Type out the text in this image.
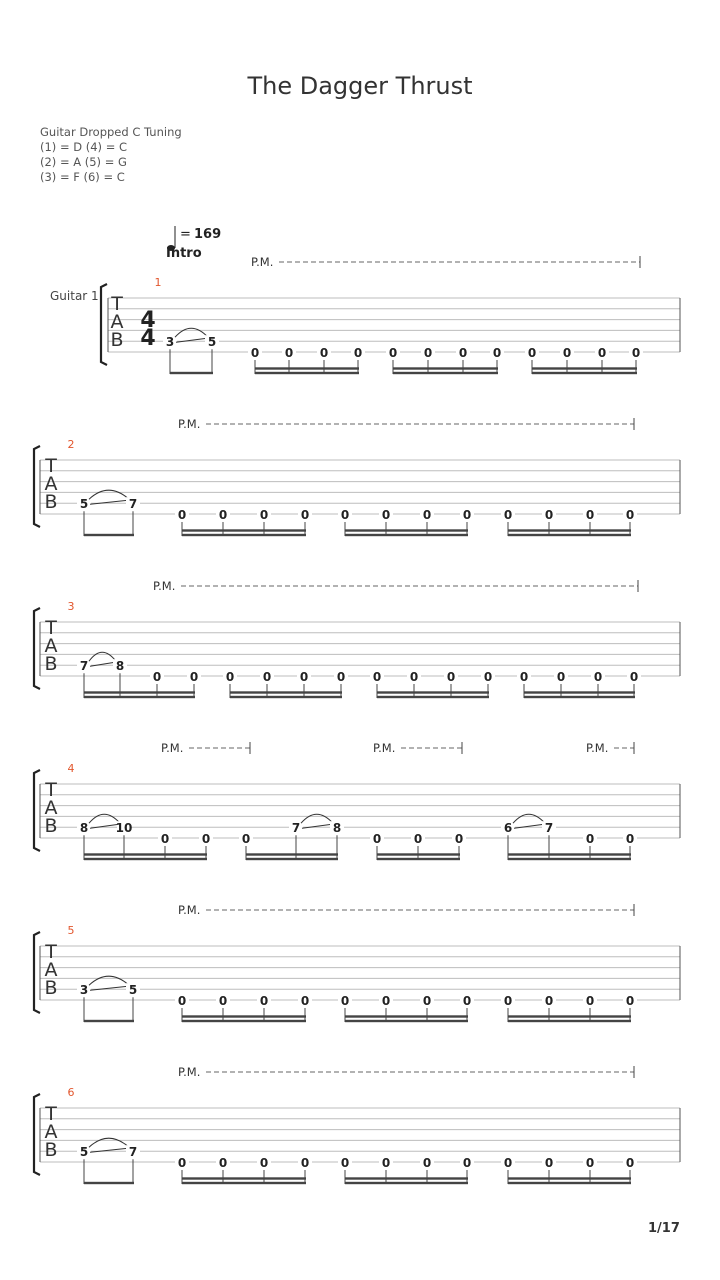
The Dagger Thrust
Guitar Dropped C Tuning
(1) = D (4) = C
(2) = A (5) = G
(3) = F (6) = C
= 169
Intro
Guitar 1 T
A
B
4
4
1
P.M.
3	5
0 0 0 0 0 0 0 0 0 0 0 0
T
A
B
2
P.M.
5	7
0	0	0	0	0	0	0	0	0	0	0	0
T
A
B
3
P.M.
7 8
0 0 0 0 0 0 0 0 0 0 0 0 0 0
T
A
B
4
P.M.	P.M.	P.M.
8 10
0	0	0
7	8
0	0	0
6	7
0	0
T
A
B
5
P.M.
3	5
0	0	0	0	0	0	0	0	0	0	0	0
T
A
B
6
P.M.
5	7
0	0	0	0	0	0	0	0	0	0	0	0
1/17
